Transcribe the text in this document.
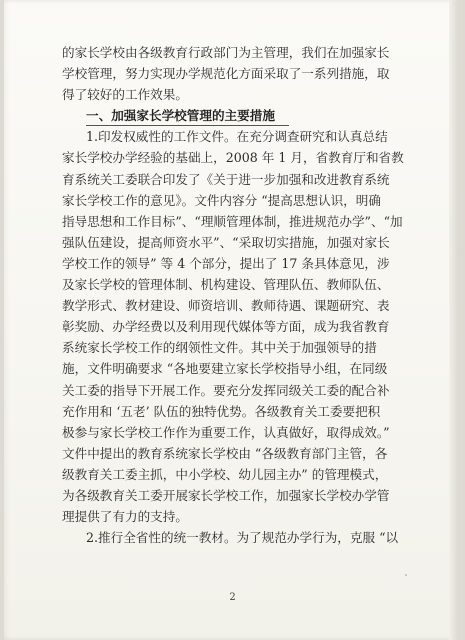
的家长学校由各级教育行政部门为主管理，我们在加强家长
学校管理，努力实现办学规范化方面采取了一系列措施，取
得了较好的工作效果。
一、加强家长学校管理的主要措施
1.印发权威性的工作文件。在充分调查研究和认真总结
家长学校办学经验的基础上，2008 年 1 月，省教育厅和省教
育系统关工委联合印发了《关于进一步加强和改进教育系统
家长学校工作的意见》。文件内容分 “提高思想认识，明确
指导思想和工作目标”、“理顺管理体制，推进规范办学”、“加
强队伍建设，提高师资水平”、“采取切实措施，加强对家长
学校工作的领导” 等 4 个部分，提出了 17 条具体意见，涉
及家长学校的管理体制、机构建设、管理队伍、教师队伍、
教学形式、教材建设、师资培训、教师待遇、课题研究、表
彰奖励、办学经费以及利用现代媒体等方面，成为我省教育
系统家长学校工作的纲领性文件。其中关于加强领导的措
施，文件明确要求 “各地要建立家长学校指导小组，在同级
关工委的指导下开展工作。要充分发挥同级关工委的配合补
充作用和 ‘五老’ 队伍的独特优势。各级教育关工委要把积
极参与家长学校工作作为重要工作，认真做好，取得成效。”
文件中提出的教育系统家长学校由 “各级教育部门主管，各
级教育关工委主抓，中小学校、幼儿园主办” 的管理模式，
为各级教育关工委开展家长学校工作，加强家长学校办学管
理提供了有力的支持。
2.推行全省性的统一教材。为了规范办学行为，克服 “以
2
